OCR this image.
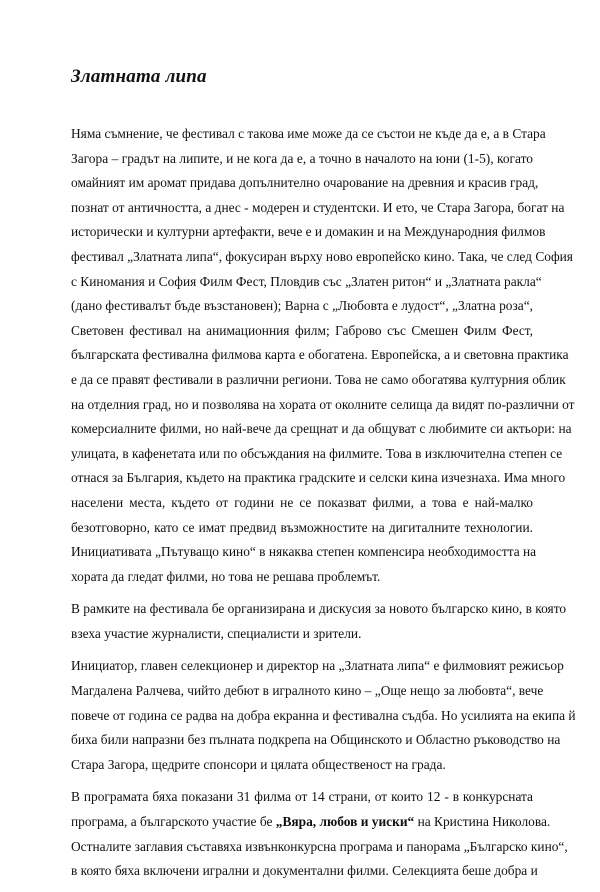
Златната липа

Няма съмнение, че фестивал с такова име може да се състои не къде да е, а в Стара
Загора – градът на липите, и не кога да е, а точно в началото на юни (1-5), когато
омайният им аромат придава допълнително очарование на древния и красив град,
познат от античността, а днес - модерен и студентски. И ето, че Стара Загора, богат на
исторически и културни артефакти, вече е и домакин и на Международния филмов
фестивал „Златната липа“, фокусиран върху ново европейско кино. Така, че след София
с Киномания и София Филм Фест, Пловдив със „Златен ритон“ и „Златната ракла“
(дано фестивалът бъде възстановен); Варна с „Любовта е лудост“, „Златна роза“,
Световен фестивал на анимационния филм; Габрово със Смешен Филм Фест,
българската фестивална филмова карта е обогатена. Европейска, а и световна практика
е да се правят фестивали в различни региони. Това не само обогатява културния облик
на отделния град, но и позволява на хората от околните селища да видят по-различни от
комерсиалните филми, но най-вече да срещнат и да общуват с любимите си актьори: на
улицата, в кафенетата или по обсъждания на филмите. Това в изключителна степен се
отнася за България, където на практика градските и селски кина изчезнаха. Има много
населени места, където от години не се показват филми, а това е най-малко
безотговорно, като се имат предвид възможностите на дигиталните технологии.
Инициативата „Пътуващо кино“ в някаква степен компенсира необходимостта на
хората да гледат филми, но това не решава проблемът.

В рамките на фестивала бе организирана и дискусия за новото българско кино, в която
взеха участие журналисти, специалисти и зрители.

Инициатор, главен селекционер и директор на „Златната липа“ е филмовият режисьор
Магдалена Ралчева, чийто дебют в игралното кино – „Още нещо за любовта“, вече
повече от година се радва на добра екранна и фестивална съдба. Но усилията на екипа й
биха били напразни без пълната подкрепа на Общинското и Областно ръководство на
Стара Загора, щедрите спонсори и цялата общественост на града.

В програмата бяха показани 31 филма от 14 страни, от които 12 - в конкурсната
програма, а българското участие бе „Вяра, любов и уиски“ на Кристина Николова.
Остналите заглавия съставяха извънконкурсна програма и панорама „Българско кино“,
в която бяха включени игрални и документални филми. Селекцията беше добра и
